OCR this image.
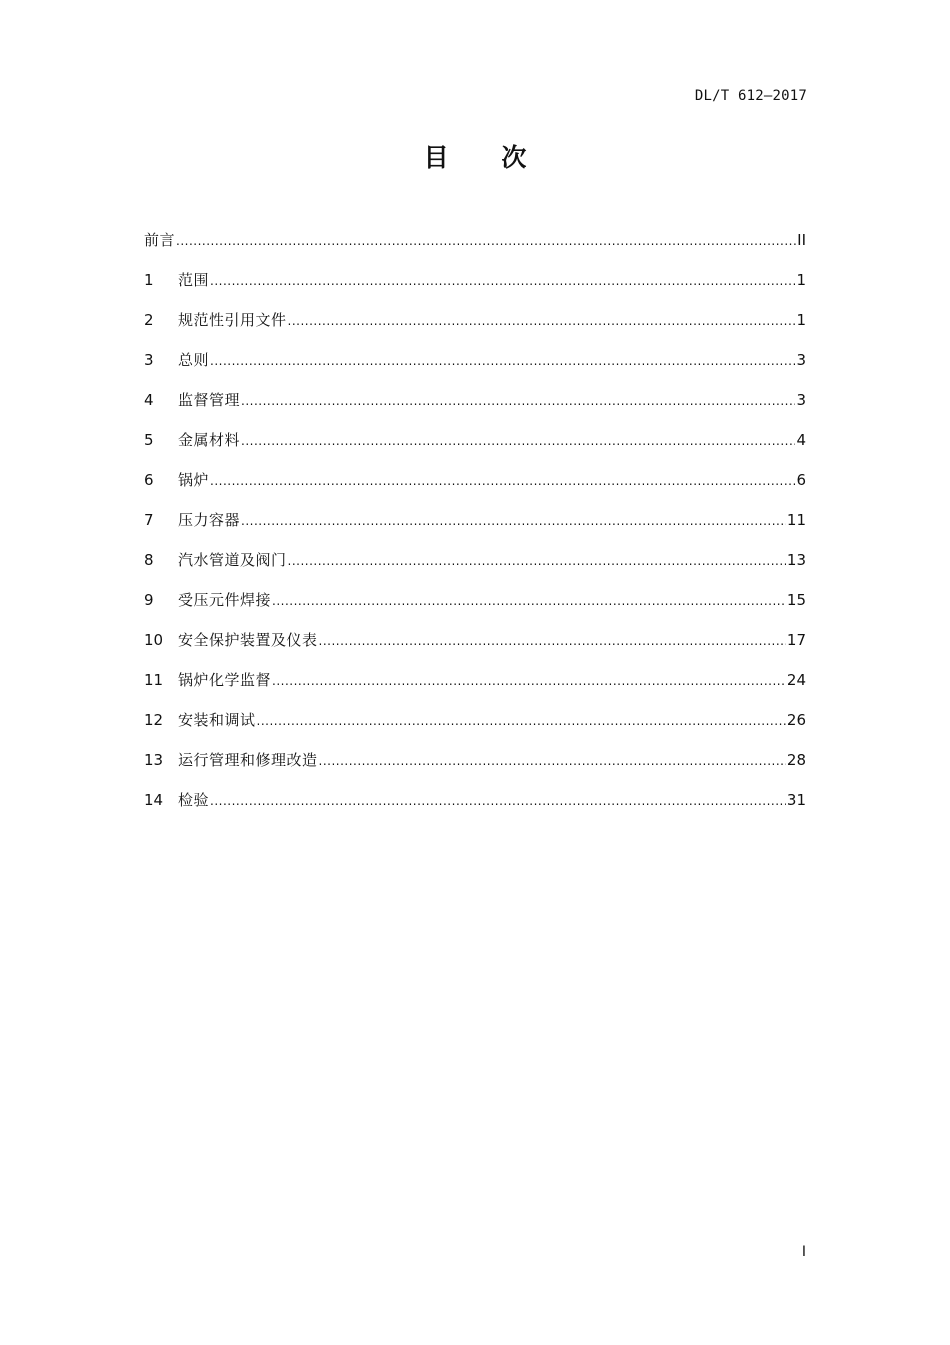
DL/T 612—2017
目 次
前言 .....	II
1	范围 .....	1
2	规范性引用文件 .....	1
3	总则 .....	3
4	监督管理 .....	3
5	金属材料 .....	4
6	锅炉 .....	6
7	压力容器 .....	11
8	汽水管道及阀门 .....	13
9	受压元件焊接 .....	15
10 安全保护装置及仪表 .....	17
11 锅炉化学监督 .....	24
12 安装和调试 .....	26
13 运行管理和修理改造 .....	28
14 检验 .....	31
I
